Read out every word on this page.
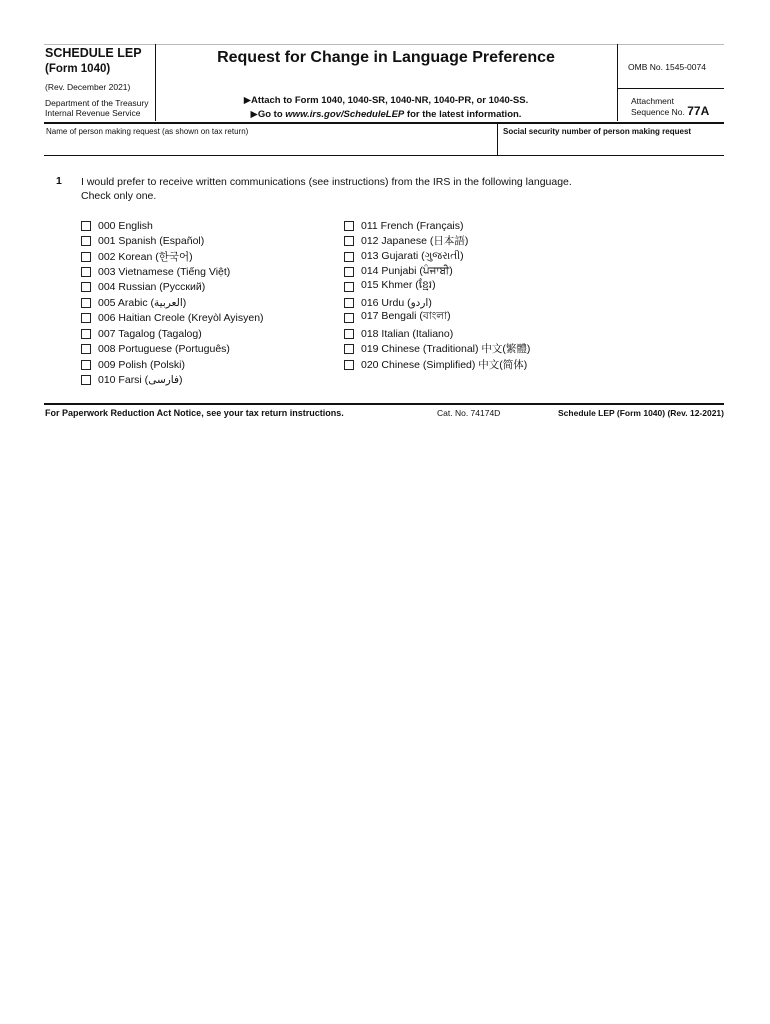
SCHEDULE LEP
(Form 1040)
(Rev. December 2021)
Department of the Treasury
Internal Revenue Service
Request for Change in Language Preference
▶Attach to Form 1040, 1040-SR, 1040-NR, 1040-PR, or 1040-SS.
▶Go to www.irs.gov/ScheduleLEP for the latest information.
OMB No. 1545-0074
Attachment
Sequence No. 77A
Name of person making request (as shown on tax return)	Social security number of person making request
1 I would prefer to receive written communications (see instructions) from the IRS in the following language.
Check only one.
000 English
001 Spanish (Español)
002 Korean (한국어)
003 Vietnamese (Tiếng Việt)
004 Russian (Русский)
005 Arabic (العربية)
006 Haitian Creole (Kreyòl Ayisyen)
007 Tagalog (Tagalog)
008 Portuguese (Português)
009 Polish (Polski)
010 Farsi (فارسی)
011 French (Français)
012 Japanese (日本語)
013 Gujarati (ગુજરાતી)
014 Punjabi (ਪੰਜਾਬੀ)
015 Khmer (ខ្មែរ)
016 Urdu (اردو)
017 Bengali (বাংলা)
018 Italian (Italiano)
019 Chinese (Traditional) 中文(繁體)
020 Chinese (Simplified) 中文(简体)
For Paperwork Reduction Act Notice, see your tax return instructions.	Cat. No. 74174D	Schedule LEP (Form 1040) (Rev. 12-2021)
